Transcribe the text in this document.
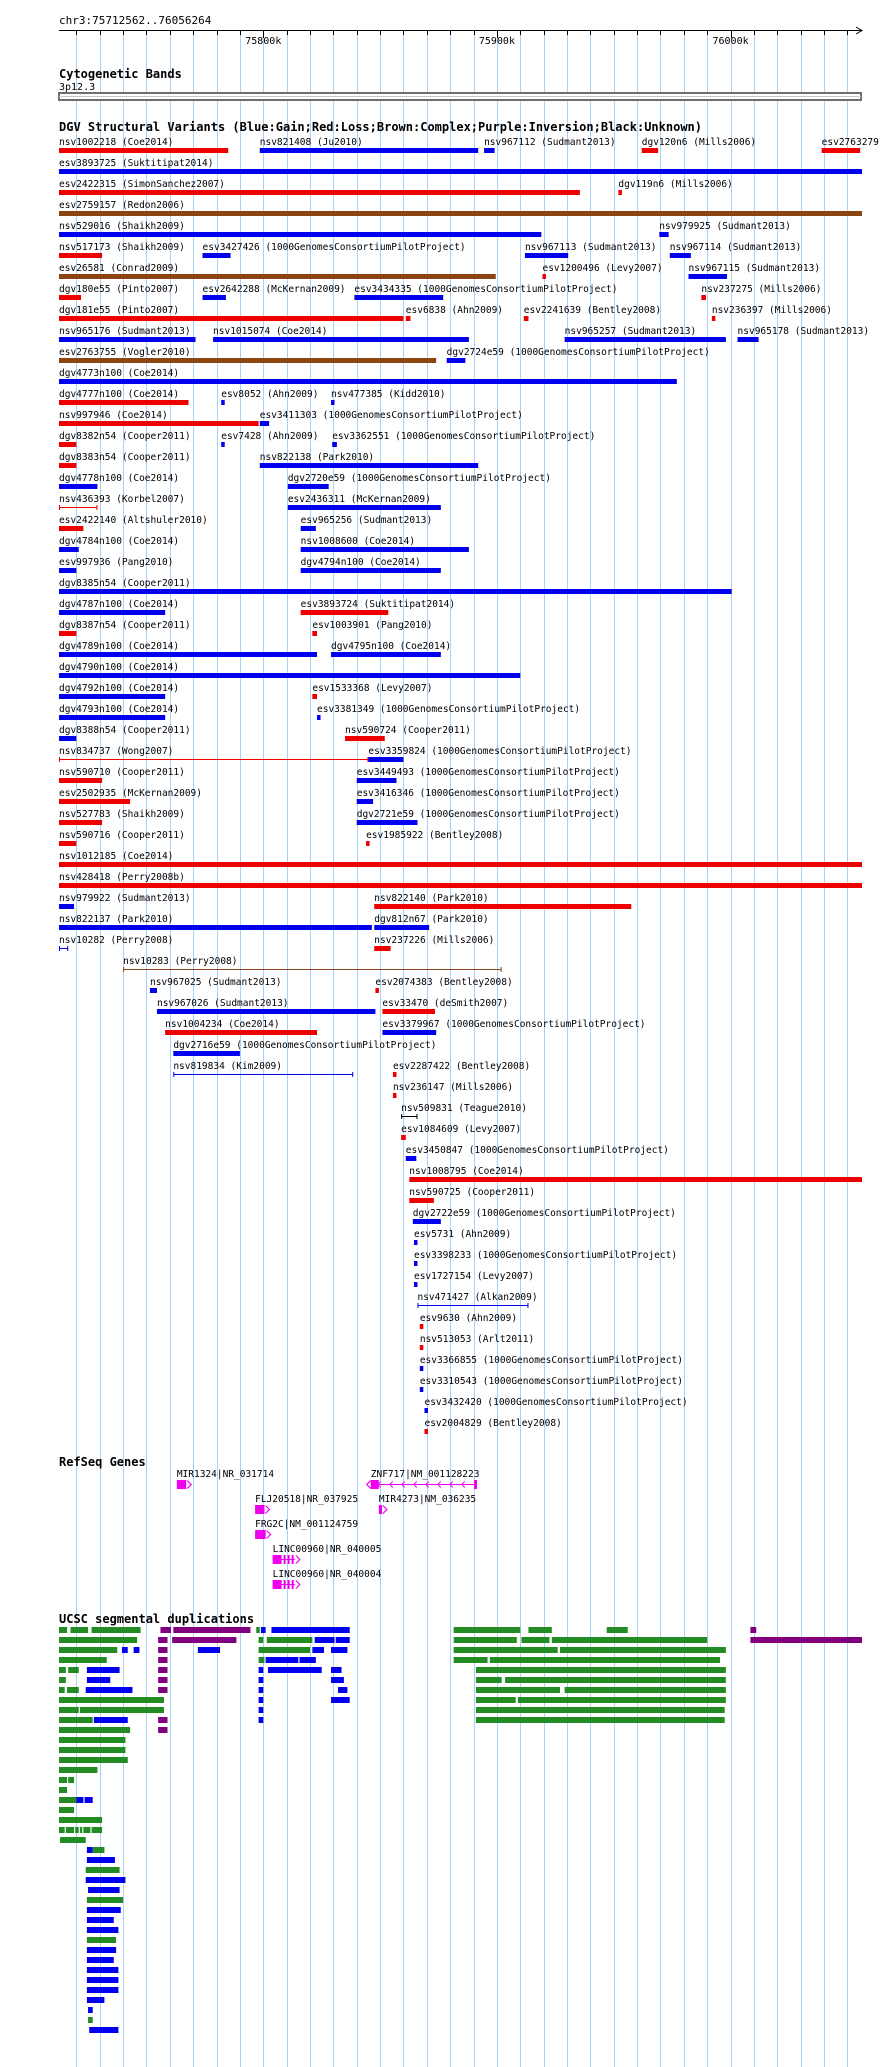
chr3:75712562..76056264
75800k	75900k	76000k
Cytogenetic Bands
3p12.3
DGV Structural Variants (Blue:Gain;Red:Loss;Brown:Complex;Purple:Inversion;Black:Unknown)
nsv1002218 (Coe2014)	nsv821408 (Ju2010)	nsv967112 (Sudmant2013)	dgv120n6 (Mills2006)	esv2763279
esv3893725 (Suktitipat2014)
esv2422315 (SimonSanchez2007)	dgv119n6 (Mills2006)
esv2759157 (Redon2006)
nsv529016 (Shaikh2009)	nsv979925 (Sudmant2013)
nsv517173 (Shaikh2009) esv3427426 (1000GenomesConsortiumPilotProject)	nsv967113 (Sudmant2013) nsv967114 (Sudmant2013)
esv26581 (Conrad2009)	esv1200496 (Levy2007)	nsv967115 (Sudmant2013)
dgv180e55 (Pinto2007) esv2642288 (McKernan2009) esv3434335 (1000GenomesConsortiumPilotProject)	nsv237275 (Mills2006)
dgv181e55 (Pinto2007)	esv6838 (Ahn2009) esv2241639 (Bentley2008)	nsv236397 (Mills2006)
nsv965176 (Sudmant2013) nsv1015074 (Coe2014)	nsv965257 (Sudmant2013)	nsv965178 (Sudmant2013)
esv2763755 (Vogler2010)	dgv2724e59 (1000GenomesConsortiumPilotProject)
dgv4773n100 (Coe2014)
dgv4777n100 (Coe2014)	esv8052 (Ahn2009) nsv477385 (Kidd2010)
nsv997946 (Coe2014)	esv3411303 (1000GenomesConsortiumPilotProject)
dgv8382n54 (Cooper2011)	esv7428 (Ahn2009) esv3362551 (1000GenomesConsortiumPilotProject)
dgv8383n54 (Cooper2011)	nsv822138 (Park2010)
dgv4778n100 (Coe2014)	dgv2720e59 (1000GenomesConsortiumPilotProject)
nsv436393 (Korbel2007)	esv2436311 (McKernan2009)
esv2422140 (Altshuler2010)	esv965256 (Sudmant2013)
dgv4784n100 (Coe2014)	nsv1008600 (Coe2014)
esv997936 (Pang2010)	dgv4794n100 (Coe2014)
dgv8385n54 (Cooper2011)
dgv4787n100 (Coe2014)	esv3893724 (Suktitipat2014)
dgv8387n54 (Cooper2011)	esv1003901 (Pang2010)
dgv4789n100 (Coe2014)	dgv4795n100 (Coe2014)
dgv4790n100 (Coe2014)
dgv4792n100 (Coe2014)	esv1533368 (Levy2007)
dgv4793n100 (Coe2014)	esv3381349 (1000GenomesConsortiumPilotProject)
dgv8388n54 (Cooper2011)	nsv590724 (Cooper2011)
nsv834737 (Wong2007)	esv3359824 (1000GenomesConsortiumPilotProject)
nsv590710 (Cooper2011)	esv3449493 (1000GenomesConsortiumPilotProject)
esv2502935 (McKernan2009)	esv3416346 (1000GenomesConsortiumPilotProject)
nsv527783 (Shaikh2009)	dgv2721e59 (1000GenomesConsortiumPilotProject)
nsv590716 (Cooper2011)	esv1985922 (Bentley2008)
nsv1012185 (Coe2014)
nsv428418 (Perry2008b)
nsv979922 (Sudmant2013)	nsv822140 (Park2010)
nsv822137 (Park2010)	dgv812n67 (Park2010)
nsv10282 (Perry2008)	nsv237226 (Mills2006)
nsv10283 (Perry2008)
nsv967025 (Sudmant2013)	esv2074383 (Bentley2008)
nsv967026 (Sudmant2013)	esv33470 (deSmith2007)
nsv1004234 (Coe2014)	esv3379967 (1000GenomesConsortiumPilotProject)
dgv2716e59 (1000GenomesConsortiumPilotProject)
nsv819834 (Kim2009)	esv2287422 (Bentley2008)
nsv236147 (Mills2006)
nsv509831 (Teague2010)
esv1084609 (Levy2007)
esv3450847 (1000GenomesConsortiumPilotProject)
nsv1008795 (Coe2014)
nsv590725 (Cooper2011)
dgv2722e59 (1000GenomesConsortiumPilotProject)
esv5731 (Ahn2009)
esv3398233 (1000GenomesConsortiumPilotProject)
esv1727154 (Levy2007)
nsv471427 (Alkan2009)
esv9630 (Ahn2009)
nsv513053 (Arlt2011)
esv3366855 (1000GenomesConsortiumPilotProject)
esv3310543 (1000GenomesConsortiumPilotProject)
esv3432420 (1000GenomesConsortiumPilotProject)
esv2004829 (Bentley2008)
RefSeq Genes
MIR1324|NR_031714	ZNF717|NM_001128223
FLJ20518|NR_037925 MIR4273|NM_036235
FRG2C|NM_001124759
LINC00960|NR_040005
LINC00960|NR_040004
UCSC segmental duplications
